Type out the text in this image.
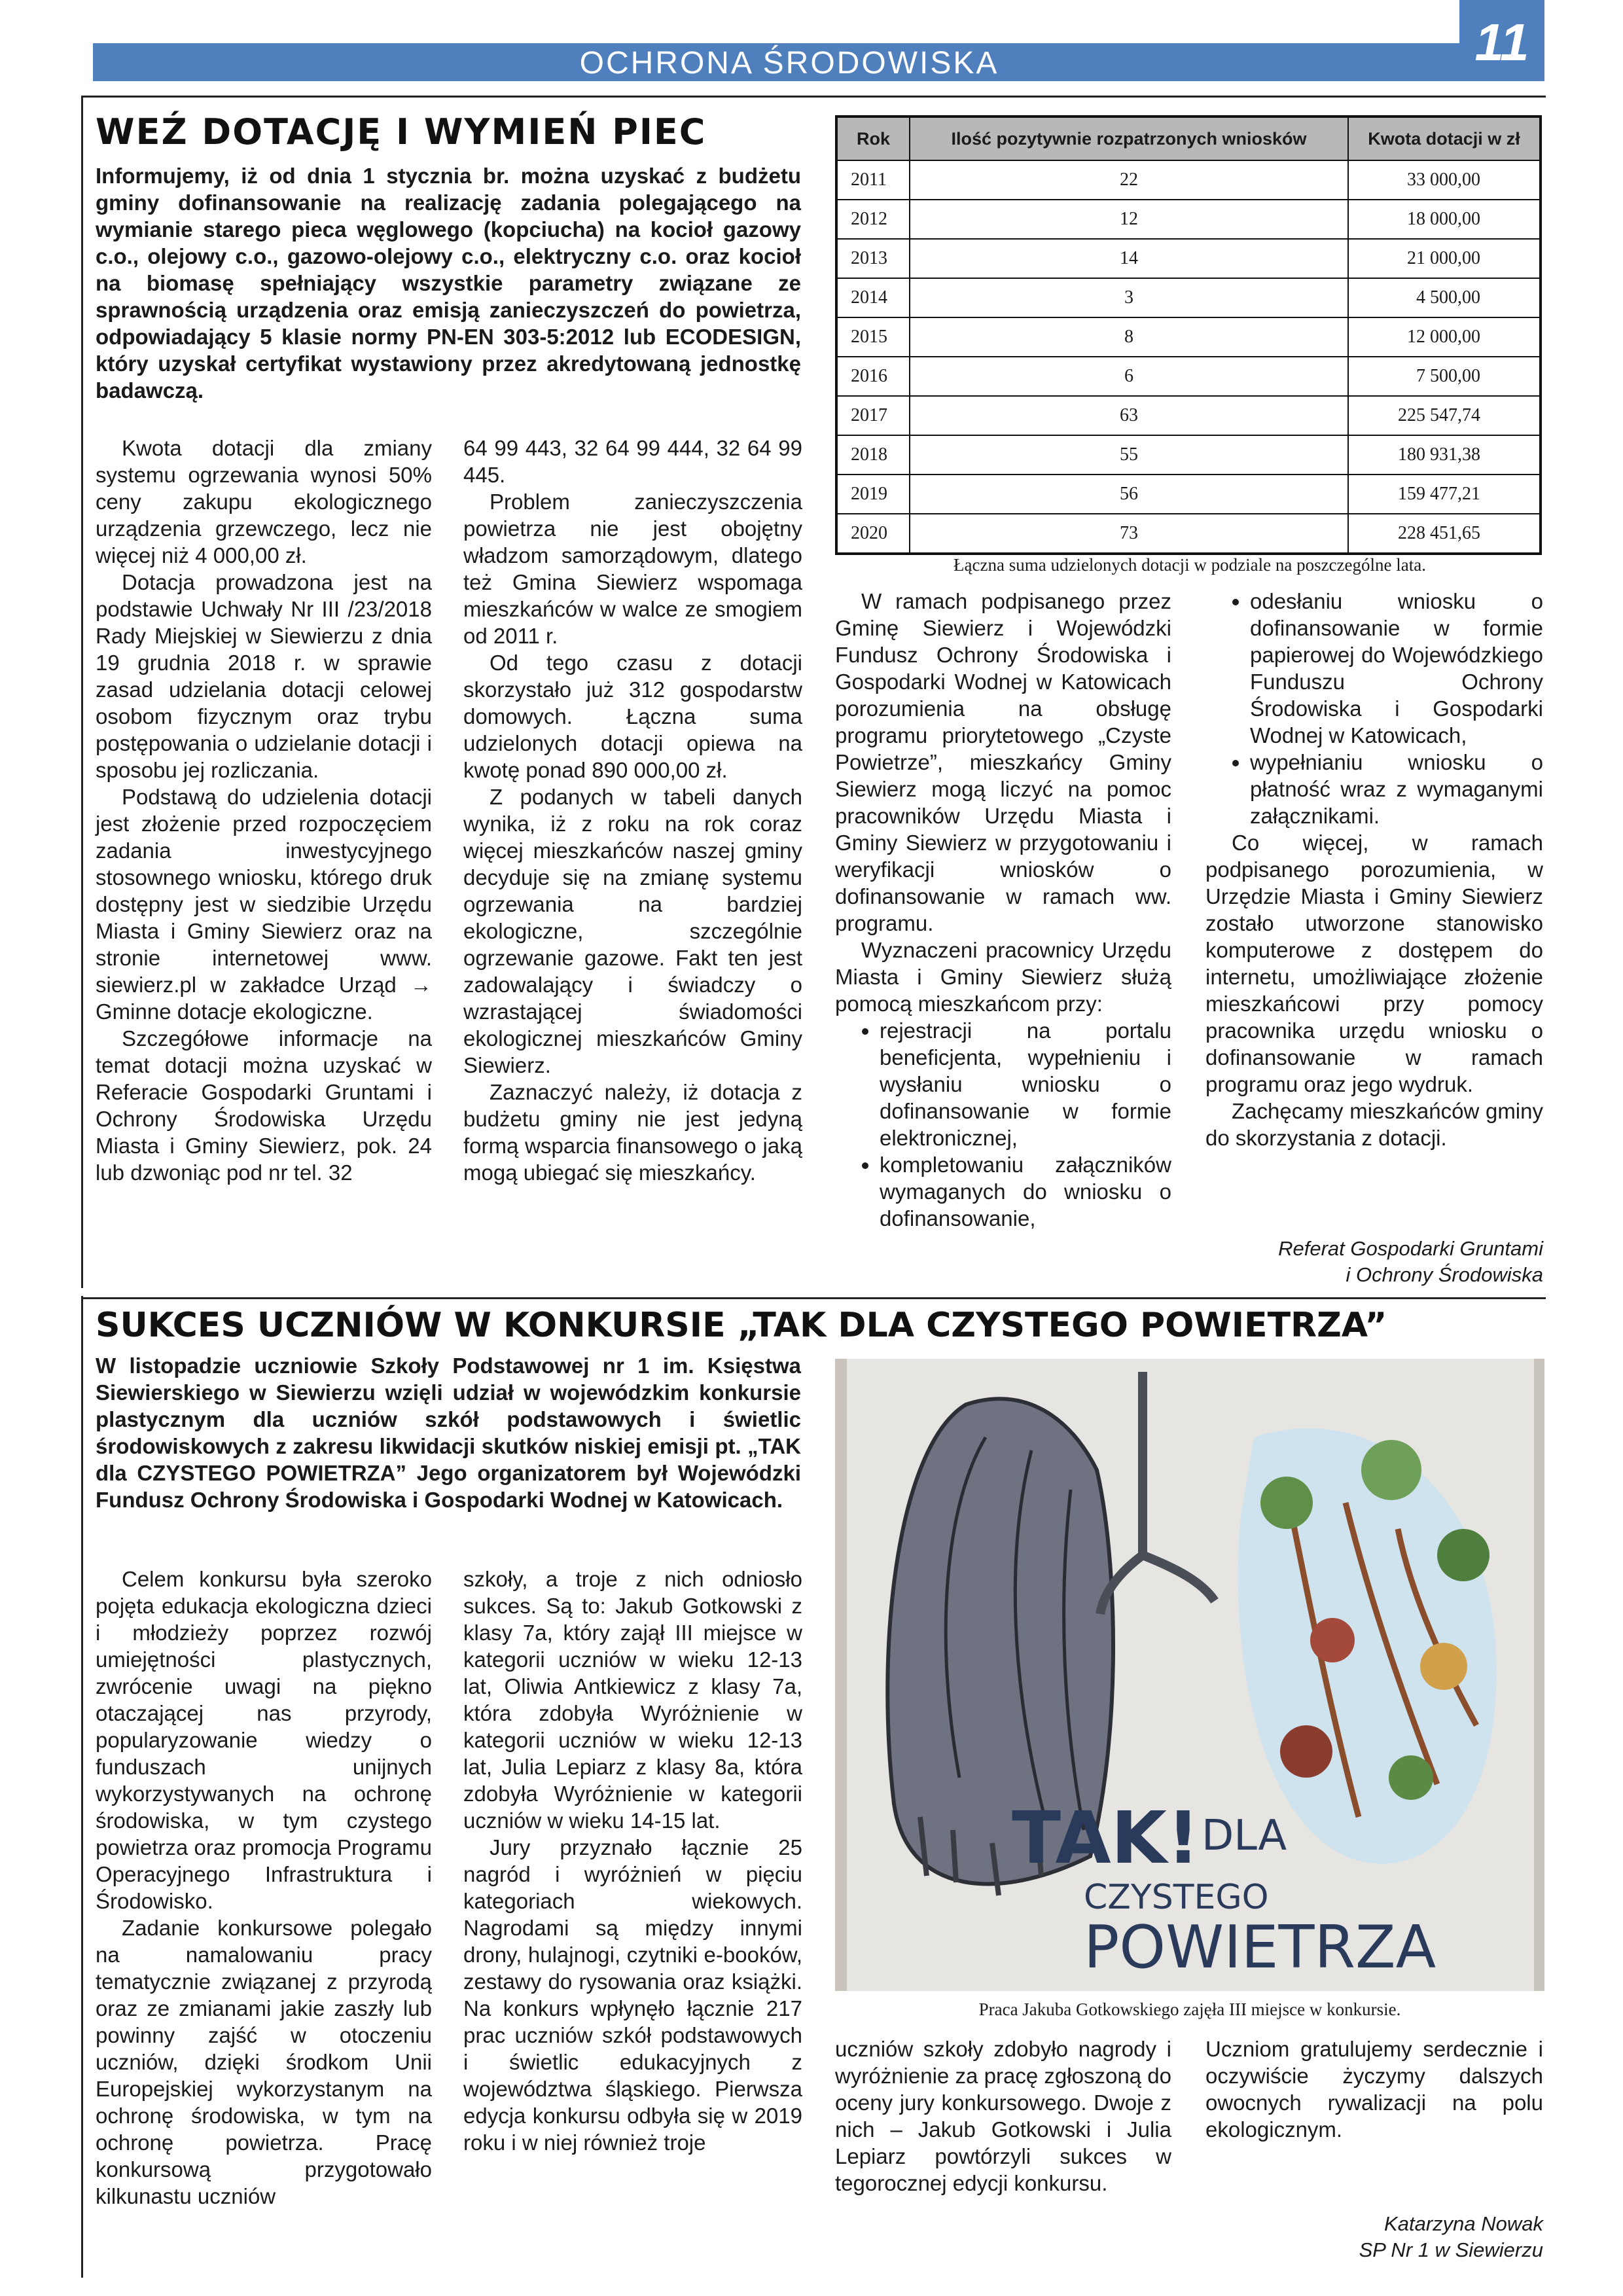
OCHRONA ŚRODOWISKA	11
WEŹ DOTACJĘ I WYMIEŃ PIEC
Informujemy, iż od dnia 1 stycznia br. można uzyskać z budżetu gminy dofinansowanie na realizację zadania polegającego na wymianie starego pieca węglowego (kopciucha) na kocioł gazowy c.o., olejowy c.o., gazowo-olejowy c.o., elektryczny c.o. oraz kocioł na biomasę spełniający wszystkie parametry związane ze sprawnością urządzenia oraz emisją zanieczyszczeń do powietrza, odpowiadający 5 klasie normy PN-EN 303-5:2012 lub ECODESIGN, który uzyskał certyfikat wystawiony przez akredytowaną jednostkę badawczą.

Kwota dotacji dla zmiany systemu ogrzewania wynosi 50% ceny zakupu ekologicznego urządzenia grzewczego, lecz nie więcej niż 4 000,00 zł.

Dotacja prowadzona jest na podstawie Uchwały Nr III /23/2018 Rady Miejskiej w Siewierzu z dnia 19 grudnia 2018 r. w sprawie zasad udzielania dotacji celowej osobom fizycznym oraz trybu postępowania o udzielanie dotacji i sposobu jej rozliczania.

Podstawą do udzielenia dotacji jest złożenie przed rozpoczęciem zadania inwestycyjnego stosownego wniosku, którego druk dostępny jest w siedzibie Urzędu Miasta i Gminy Siewierz oraz na stronie internetowej www. siewierz.pl w zakładce Urząd → Gminne dotacje ekologiczne.

Szczegółowe informacje na temat dotacji można uzyskać w Referacie Gospodarki Gruntami i Ochrony Środowiska Urzędu Miasta i Gminy Siewierz, pok. 24 lub dzwoniąc pod nr tel. 32

64 99 443, 32 64 99 444, 32 64 99 445.

Problem zanieczyszczenia powietrza nie jest obojętny władzom samorządowym, dlatego też Gmina Siewierz wspomaga mieszkańców w walce ze smogiem od 2011 r.

Od tego czasu z dotacji skorzystało już 312 gospodarstw domowych. Łączna suma udzielonych dotacji opiewa na kwotę ponad 890 000,00 zł.

Z podanych w tabeli danych wynika, iż z roku na rok coraz więcej mieszkańców naszej gminy decyduje się na zmianę systemu ogrzewania na bardziej ekologiczne, szczególnie ogrzewanie gazowe. Fakt ten jest zadowalający i świadczy o wzrastającej świadomości ekologicznej mieszkańców Gminy Siewierz.

Zaznaczyć należy, iż dotacja z budżetu gminy nie jest jedyną formą wsparcia finansowego o jaką mogą ubiegać się mieszkańcy.

Rok	Ilość pozytywnie rozpatrzonych wniosków	Kwota dotacji w zł
2011	22	33 000,00
2012	12	18 000,00
2013	14	21 000,00
2014	3	4 500,00
2015	8	12 000,00
2016	6	7 500,00
2017	63	225 547,74
2018	55	180 931,38
2019	56	159 477,21
2020	73	228 451,65
Łączna suma udzielonych dotacji w podziale na poszczególne lata.

W ramach podpisanego przez Gminę Siewierz i Wojewódzki Fundusz Ochrony Środowiska i Gospodarki Wodnej w Katowicach porozumienia na obsługę programu priorytetowego „Czyste Powietrze”, mieszkańcy Gminy Siewierz mogą liczyć na pomoc pracowników Urzędu Miasta i Gminy Siewierz w przygotowaniu i weryfikacji wniosków o dofinansowanie w ramach ww. programu.

Wyznaczeni pracownicy Urzędu Miasta i Gminy Siewierz służą pomocą mieszkańcom przy:

• rejestracji na portalu beneficjenta, wypełnieniu i wysłaniu wniosku o dofinansowanie w formie elektronicznej,
• kompletowaniu załączników wymaganych do wniosku o dofinansowanie,
• odesłaniu wniosku o dofinansowanie w formie papierowej do Wojewódzkiego Funduszu Ochrony Środowiska i Gospodarki Wodnej w Katowicach,
• wypełnianiu wniosku o płatność wraz z wymaganymi załącznikami.

Co więcej, w ramach podpisanego porozumienia, w Urzędzie Miasta i Gminy Siewierz zostało utworzone stanowisko komputerowe z dostępem do internetu, umożliwiające złożenie mieszkańcowi przy pomocy pracownika urzędu wniosku o dofinansowanie w ramach programu oraz jego wydruk.

Zachęcamy mieszkańców gminy do skorzystania z dotacji.

Referat Gospodarki Gruntami
i Ochrony Środowiska
SUKCES UCZNIÓW W KONKURSIE „TAK DLA CZYSTEGO POWIETRZA”
W listopadzie uczniowie Szkoły Podstawowej nr 1 im. Księstwa Siewierskiego w Siewierzu wzięli udział w wojewódzkim konkursie plastycznym dla uczniów szkół podstawowych i świetlic środowiskowych z zakresu likwidacji skutków niskiej emisji pt. „TAK dla CZYSTEGO POWIETRZA” Jego organizatorem był Wojewódzki Fundusz Ochrony Środowiska i Gospodarki Wodnej w Katowicach.

Celem konkursu była szeroko pojęta edukacja ekologiczna dzieci i młodzieży poprzez rozwój umiejętności plastycznych, zwrócenie uwagi na piękno otaczającej nas przyrody, popularyzowanie wiedzy o funduszach unijnych wykorzystywanych na ochronę środowiska, w tym czystego powietrza oraz promocja Programu Operacyjnego Infrastruktura i Środowisko.

Zadanie konkursowe polegało na namalowaniu pracy tematycznie związanej z przyrodą oraz ze zmianami jakie zaszły lub powinny zajść w otoczeniu uczniów, dzięki środkom Unii Europejskiej wykorzystanym na ochronę środowiska, w tym na ochronę powietrza. Pracę konkursową przygotowało kilkunastu uczniów

szkoły, a troje z nich odniosło sukces. Są to: Jakub Gotkowski z klasy 7a, który zajął III miejsce w kategorii uczniów w wieku 12-13 lat, Oliwia Antkiewicz z klasy 7a, która zdobyła Wyróżnienie w kategorii uczniów w wieku 12-13 lat, Julia Lepiarz z klasy 8a, która zdobyła Wyróżnienie w kategorii uczniów w wieku 14-15 lat.

Jury przyznało łącznie 25 nagród i wyróżnień w pięciu kategoriach wiekowych. Nagrodami są między innymi drony, hulajnogi, czytniki e-booków, zestawy do rysowania oraz książki. Na konkurs wpłynęło łącznie 217 prac uczniów szkół podstawowych i świetlic edukacyjnych z województwa śląskiego. Pierwsza edycja konkursu odbyła się w 2019 roku i w niej również troje

TAK! DLA
CZYSTEGO
POWIETRZA
Praca Jakuba Gotkowskiego zajęła III miejsce w konkursie.

uczniów szkoły zdobyło nagrody i wyróżnienie za pracę zgłoszoną do oceny jury konkursowego. Dwoje z nich – Jakub Gotkowski i Julia Lepiarz powtórzyli sukces w tegorocznej edycji konkursu.

Uczniom gratulujemy serdecznie i oczywiście życzymy dalszych owocnych rywalizacji na polu ekologicznym.

Katarzyna Nowak
SP Nr 1 w Siewierzu
